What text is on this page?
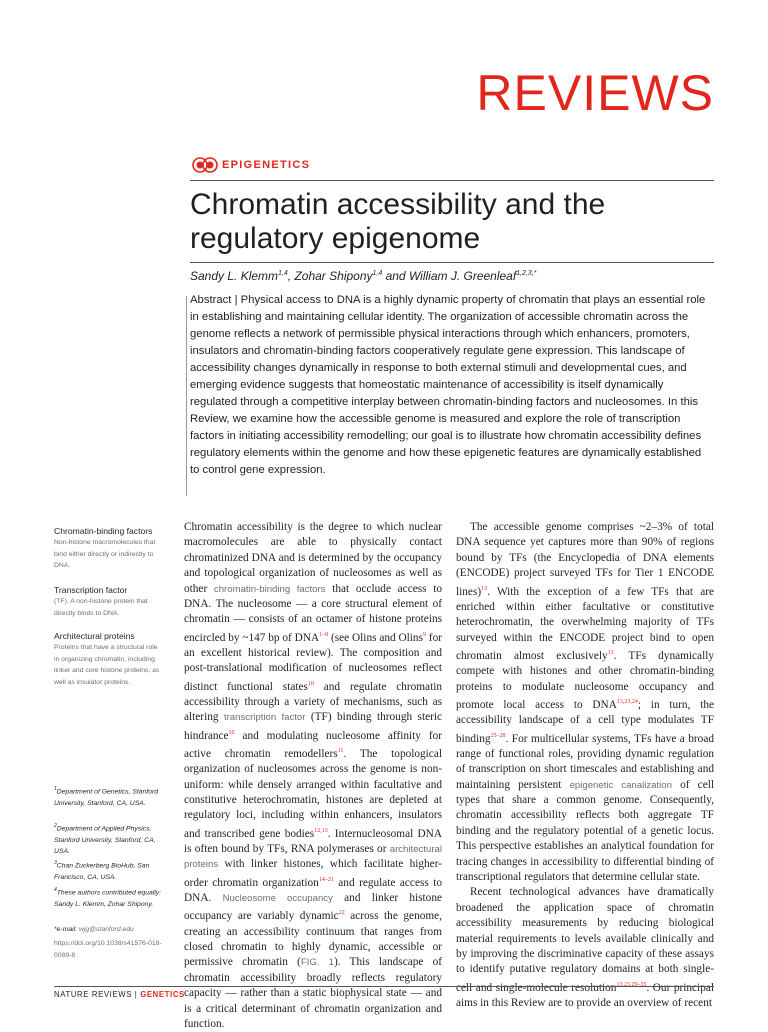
REVIEWS
EPIGENETICS
Chromatin accessibility and the regulatory epigenome
Sandy L. Klemm$^{1,4}$, Zohar Shipony$^{1,4}$ and William J. Greenleaf$^{1,2,3,*}$
Abstract | Physical access to DNA is a highly dynamic property of chromatin that plays an essential role in establishing and maintaining cellular identity. The organization of accessible chromatin across the genome reflects a network of permissible physical interactions through which enhancers, promoters, insulators and chromatin-binding factors cooperatively regulate gene expression. This landscape of accessibility changes dynamically in response to both external stimuli and developmental cues, and emerging evidence suggests that homeostatic maintenance of accessibility is itself dynamically regulated through a competitive interplay between chromatin-binding factors and nucleosomes. In this Review, we examine how the accessible genome is measured and explore the role of transcription factors in initiating accessibility remodelling; our goal is to illustrate how chromatin accessibility defines regulatory elements within the genome and how these epigenetic features are dynamically established to control gene expression.
Chromatin-binding factors
Non-histone macromolecules that bind either directly or indirectly to DNA.
Transcription factor
(TF). A non-histone protein that directly binds to DNA.
Architectural proteins
Proteins that have a structural role in organizing chromatin, including linker and core histone proteins, as well as insulator proteins.
$^1$Department of Genetics, Stanford University, Stanford, CA, USA.
$^2$Department of Applied Physics, Stanford University, Stanford, CA, USA.
$^3$Chan Zuckerberg BioHub, San Francisco, CA, USA.
$^4$These authors contributed equally: Sandy L. Klemm, Zohar Shipony.
*e-mail: wjg@stanford.edu
https://doi.org/10.1038/s41576-018-0089-8

Chromatin accessibility is the degree to which nuclear macromolecules are able to physically contact chromatinized DNA and is determined by the occupancy and topological organization of nucleosomes as well as other chromatin-binding factors that occlude access to DNA. The nucleosome — a core structural element of chromatin — consists of an octamer of histone proteins encircled by ~147 bp of DNA$^{1-8}$ (see Olins and Olins$^9$ for an excellent historical review). The composition and post-translational modification of nucleosomes reflect distinct functional states$^{10}$ and regulate chromatin accessibility through a variety of mechanisms, such as altering transcription factor (TF) binding through steric hindrance$^{10}$ and modulating nucleosome affinity for active chromatin remodellers$^{11}$. The topological organization of nucleosomes across the genome is non-uniform: while densely arranged within facultative and constitutive heterochromatin, histones are depleted at regulatory loci, including within enhancers, insulators and transcribed gene bodies$^{12,13}$. Internucleosomal DNA is often bound by TFs, RNA polymerases or architectural proteins with linker histones, which facilitate higher-order chromatin organization$^{14-21}$ and regulate access to DNA. Nucleosome occupancy and linker histone occupancy are variably dynamic$^{22}$ across the genome, creating an accessibility continuum that ranges from closed chromatin to highly dynamic, accessible or permissive chromatin (FIG. 1). This landscape of chromatin accessibility broadly reflects regulatory capacity — rather than a static biophysical state — and is a critical determinant of chromatin organization and function.

The accessible genome comprises ~2–3% of total DNA sequence yet captures more than 90% of regions bound by TFs (the Encyclopedia of DNA elements (ENCODE) project surveyed TFs for Tier 1 ENCODE lines)$^{13}$. With the exception of a few TFs that are enriched within either facultative or constitutive heterochromatin, the overwhelming majority of TFs surveyed within the ENCODE project bind to open chromatin almost exclusively$^{13}$. TFs dynamically compete with histones and other chromatin-binding proteins to modulate nucleosome occupancy and promote local access to DNA$^{13,23,24}$; in turn, the accessibility landscape of a cell type modulates TF binding$^{25-28}$. For multicellular systems, TFs have a broad range of functional roles, providing dynamic regulation of transcription on short timescales and establishing and maintaining persistent epigenetic canalization of cell types that share a common genome. Consequently, chromatin accessibility reflects both aggregate TF binding and the regulatory potential of a genetic locus. This perspective establishes an analytical foundation for tracing changes in accessibility to differential binding of transcriptional regulators that determine cellular state.

Recent technological advances have dramatically broadened the application space of chromatin accessibility measurements by reducing biological material requirements to levels available clinically and by improving the discriminative capacity of these assays to identify putative regulatory domains at both single-cell and single-molecule resolution$^{13,23,29-35}$. Our principal aims in this Review are to provide an overview of recent

NATURE REVIEWS | GENETICS
